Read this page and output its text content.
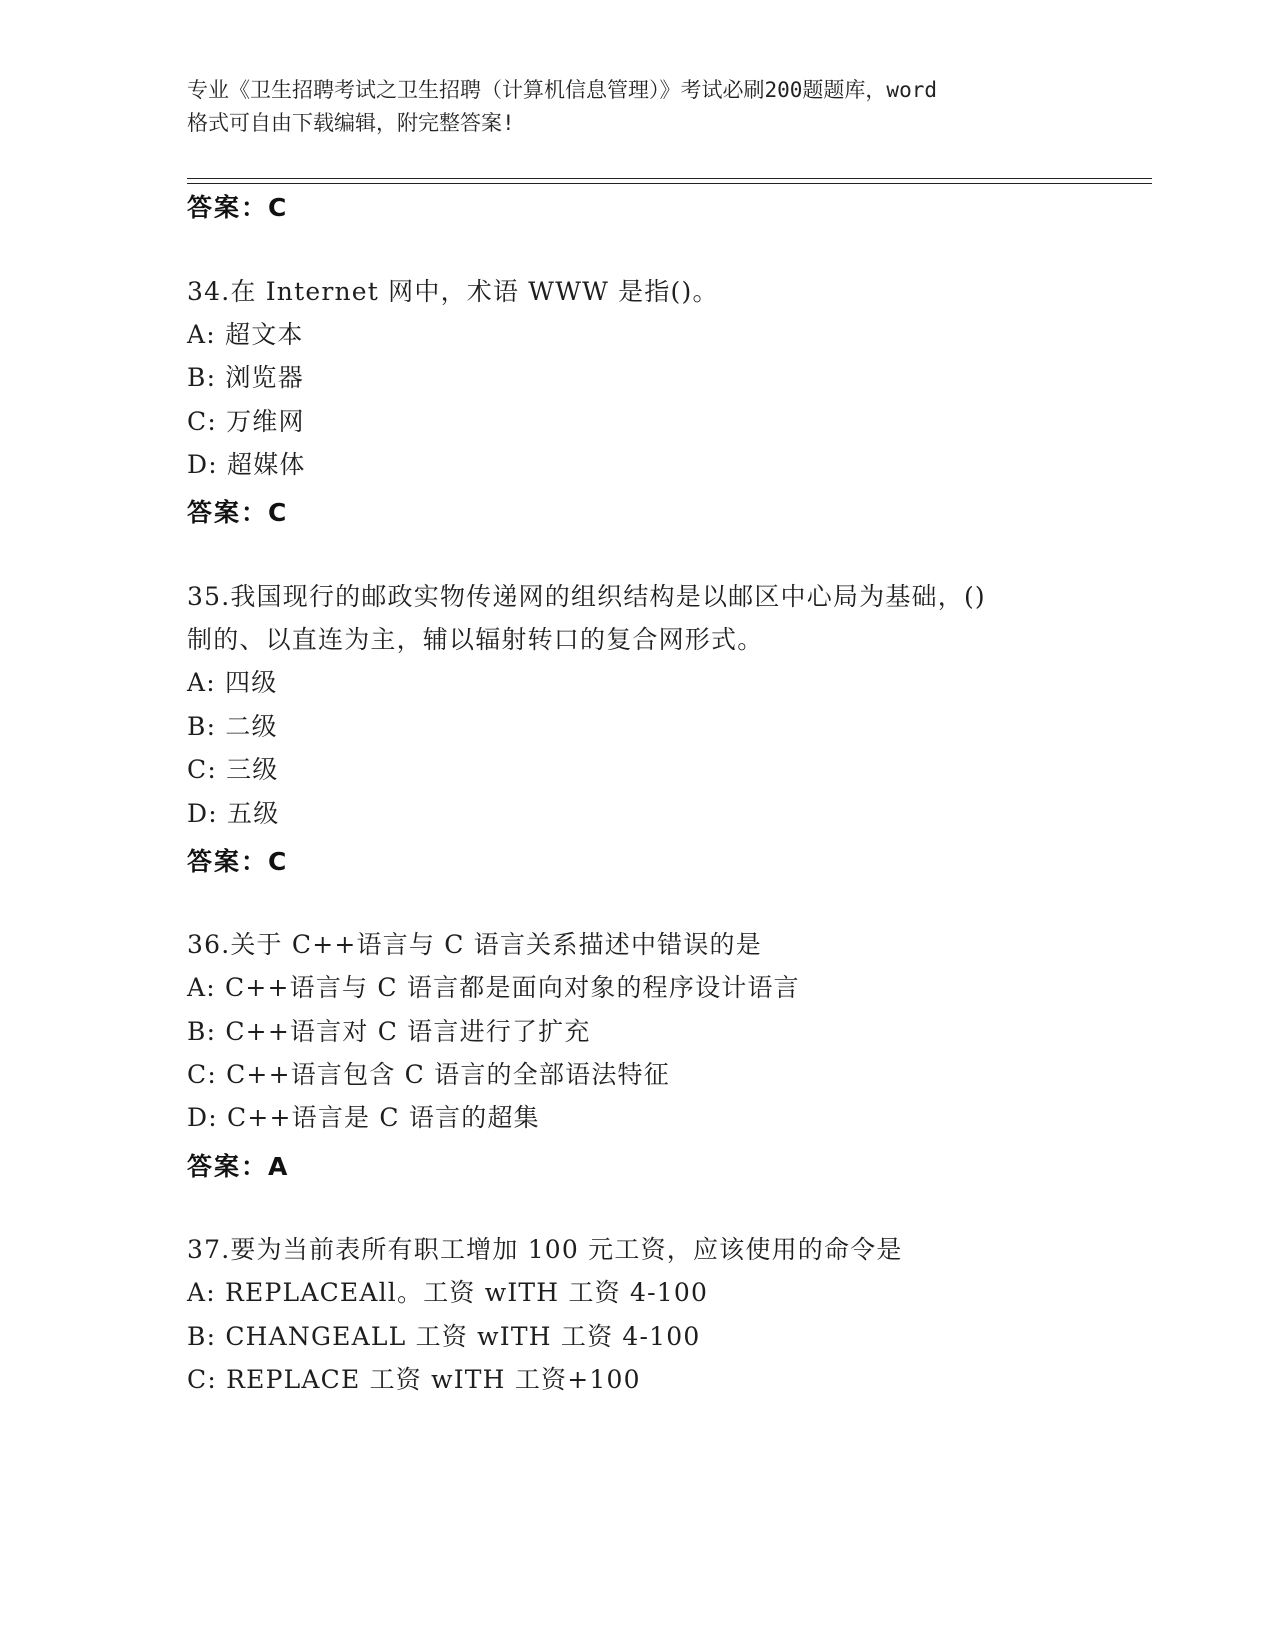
专业《卫生招聘考试之卫生招聘（计算机信息管理）》考试必刷200题题库，word
格式可自由下载编辑，附完整答案!
答案：C
34.在 Internet 网中，术语 WWW 是指()。
A: 超文本
B: 浏览器
C: 万维网
D: 超媒体
答案：C
35.我国现行的邮政实物传递网的组织结构是以邮区中心局为基础，()
制的、以直连为主，辅以辐射转口的复合网形式。
A: 四级
B: 二级
C: 三级
D: 五级
答案：C
36.关于 C++语言与 C 语言关系描述中错误的是
A: C++语言与 C 语言都是面向对象的程序设计语言
B: C++语言对 C 语言进行了扩充
C: C++语言包含 C 语言的全部语法特征
D: C++语言是 C 语言的超集
答案：A
37.要为当前表所有职工增加 100 元工资，应该使用的命令是
A: REPLACEAll。工资 wITH 工资 4-100
B: CHANGEALL 工资 wITH 工资 4-100
C: REPLACE 工资 wITH 工资+100
